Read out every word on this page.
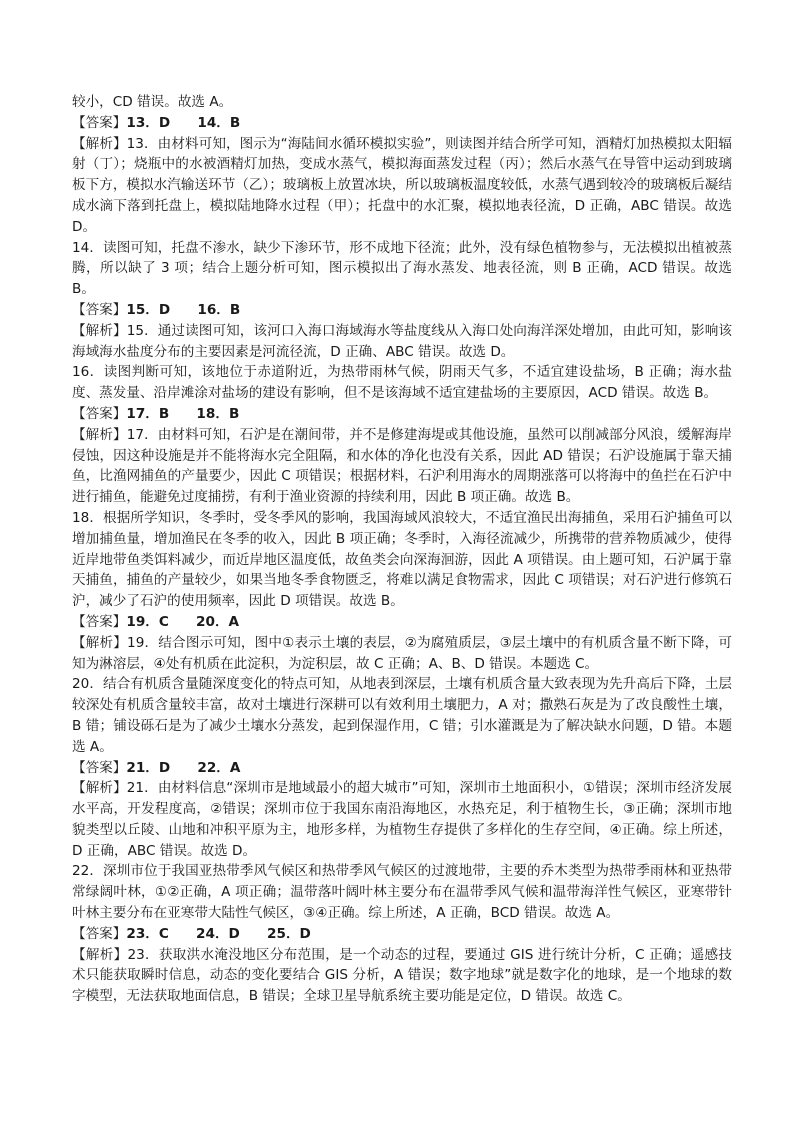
较小，CD 错误。故选 A。

【答案】13．D　　14．B

【解析】13．由材料可知，图示为“海陆间水循环模拟实验”，则读图并结合所学可知，酒精灯加热模拟太阳辐射（丁）；烧瓶中的水被酒精灯加热，变成水蒸气，模拟海面蒸发过程（丙）；然后水蒸气在导管中运动到玻璃板下方，模拟水汽输送环节（乙）；玻璃板上放置冰块，所以玻璃板温度较低，水蒸气遇到较冷的玻璃板后凝结成水滴下落到托盘上，模拟陆地降水过程（甲）；托盘中的水汇聚，模拟地表径流，D 正确，ABC 错误。故选 D。

14．读图可知，托盘不渗水，缺少下渗环节，形不成地下径流；此外，没有绿色植物参与，无法模拟出植被蒸腾，所以缺了 3 项；结合上题分析可知，图示模拟出了海水蒸发、地表径流，则 B 正确，ACD 错误。故选 B。

【答案】15．D　　16．B

【解析】15．通过读图可知，该河口入海口海域海水等盐度线从入海口处向海洋深处增加，由此可知，影响该海域海水盐度分布的主要因素是河流径流，D 正确、ABC 错误。故选 D。

16．读图判断可知，该地位于赤道附近，为热带雨林气候，阴雨天气多，不适宜建设盐场，B 正确；海水盐度、蒸发量、沿岸滩涂对盐场的建设有影响，但不是该海域不适宜建盐场的主要原因，ACD 错误。故选 B。

【答案】17．B　　18．B

【解析】17．由材料可知，石沪是在潮间带，并不是修建海堤或其他设施，虽然可以削减部分风浪，缓解海岸侵蚀，因这种设施是并不能将海水完全阻隔，和水体的净化也没有关系，因此 AD 错误；石沪设施属于靠天捕鱼，比渔网捕鱼的产量要少，因此 C 项错误；根据材料，石沪利用海水的周期涨落可以将海中的鱼拦在石沪中进行捕鱼，能避免过度捕捞，有利于渔业资源的持续利用，因此 B 项正确。故选 B。

18．根据所学知识，冬季时，受冬季风的影响，我国海域风浪较大，不适宜渔民出海捕鱼，采用石沪捕鱼可以增加捕鱼量，增加渔民在冬季的收入，因此 B 项正确；冬季时，入海径流减少，所携带的营养物质减少，使得近岸地带鱼类饵料减少，而近岸地区温度低，故鱼类会向深海洄游，因此 A 项错误。由上题可知，石沪属于靠天捕鱼，捕鱼的产量较少，如果当地冬季食物匮乏，将难以满足食物需求，因此 C 项错误；对石沪进行修筑石沪，减少了石沪的使用频率，因此 D 项错误。故选 B。

【答案】19．C　　20．A

【解析】19．结合图示可知，图中①表示土壤的表层，②为腐殖质层，③层土壤中的有机质含量不断下降，可知为淋溶层，④处有机质在此淀积，为淀积层，故 C 正确；A、B、D 错误。本题选 C。

20．结合有机质含量随深度变化的特点可知，从地表到深层，土壤有机质含量大致表现为先升高后下降，土层较深处有机质含量较丰富，故对土壤进行深耕可以有效利用土壤肥力，A 对；撒熟石灰是为了改良酸性土壤，B 错；铺设砾石是为了减少土壤水分蒸发，起到保湿作用，C 错；引水灌溉是为了解决缺水问题，D 错。本题选 A。

【答案】21．D　　22．A

【解析】21．由材料信息“深圳市是地域最小的超大城市”可知，深圳市土地面积小，①错误；深圳市经济发展水平高，开发程度高，②错误；深圳市位于我国东南沿海地区，水热充足，利于植物生长，③正确；深圳市地貌类型以丘陵、山地和冲积平原为主，地形多样，为植物生存提供了多样化的生存空间，④正确。综上所述，D 正确，ABC 错误。故选 D。

22．深圳市位于我国亚热带季风气候区和热带季风气候区的过渡地带，主要的乔木类型为热带季雨林和亚热带常绿阔叶林，①②正确，A 项正确；温带落叶阔叶林主要分布在温带季风气候和温带海洋性气候区，亚寒带针叶林主要分布在亚寒带大陆性气候区，③④正确。综上所述，A 正确，BCD 错误。故选 A。

【答案】23．C　　24．D　　25．D

【解析】23．获取洪水淹没地区分布范围，是一个动态的过程，要通过 GIS 进行统计分析，C 正确；遥感技术只能获取瞬时信息，动态的变化要结合 GIS 分析，A 错误；数字地球”就是数字化的地球，是一个地球的数字模型，无法获取地面信息，B 错误；全球卫星导航系统主要功能是定位，D 错误。故选 C。
